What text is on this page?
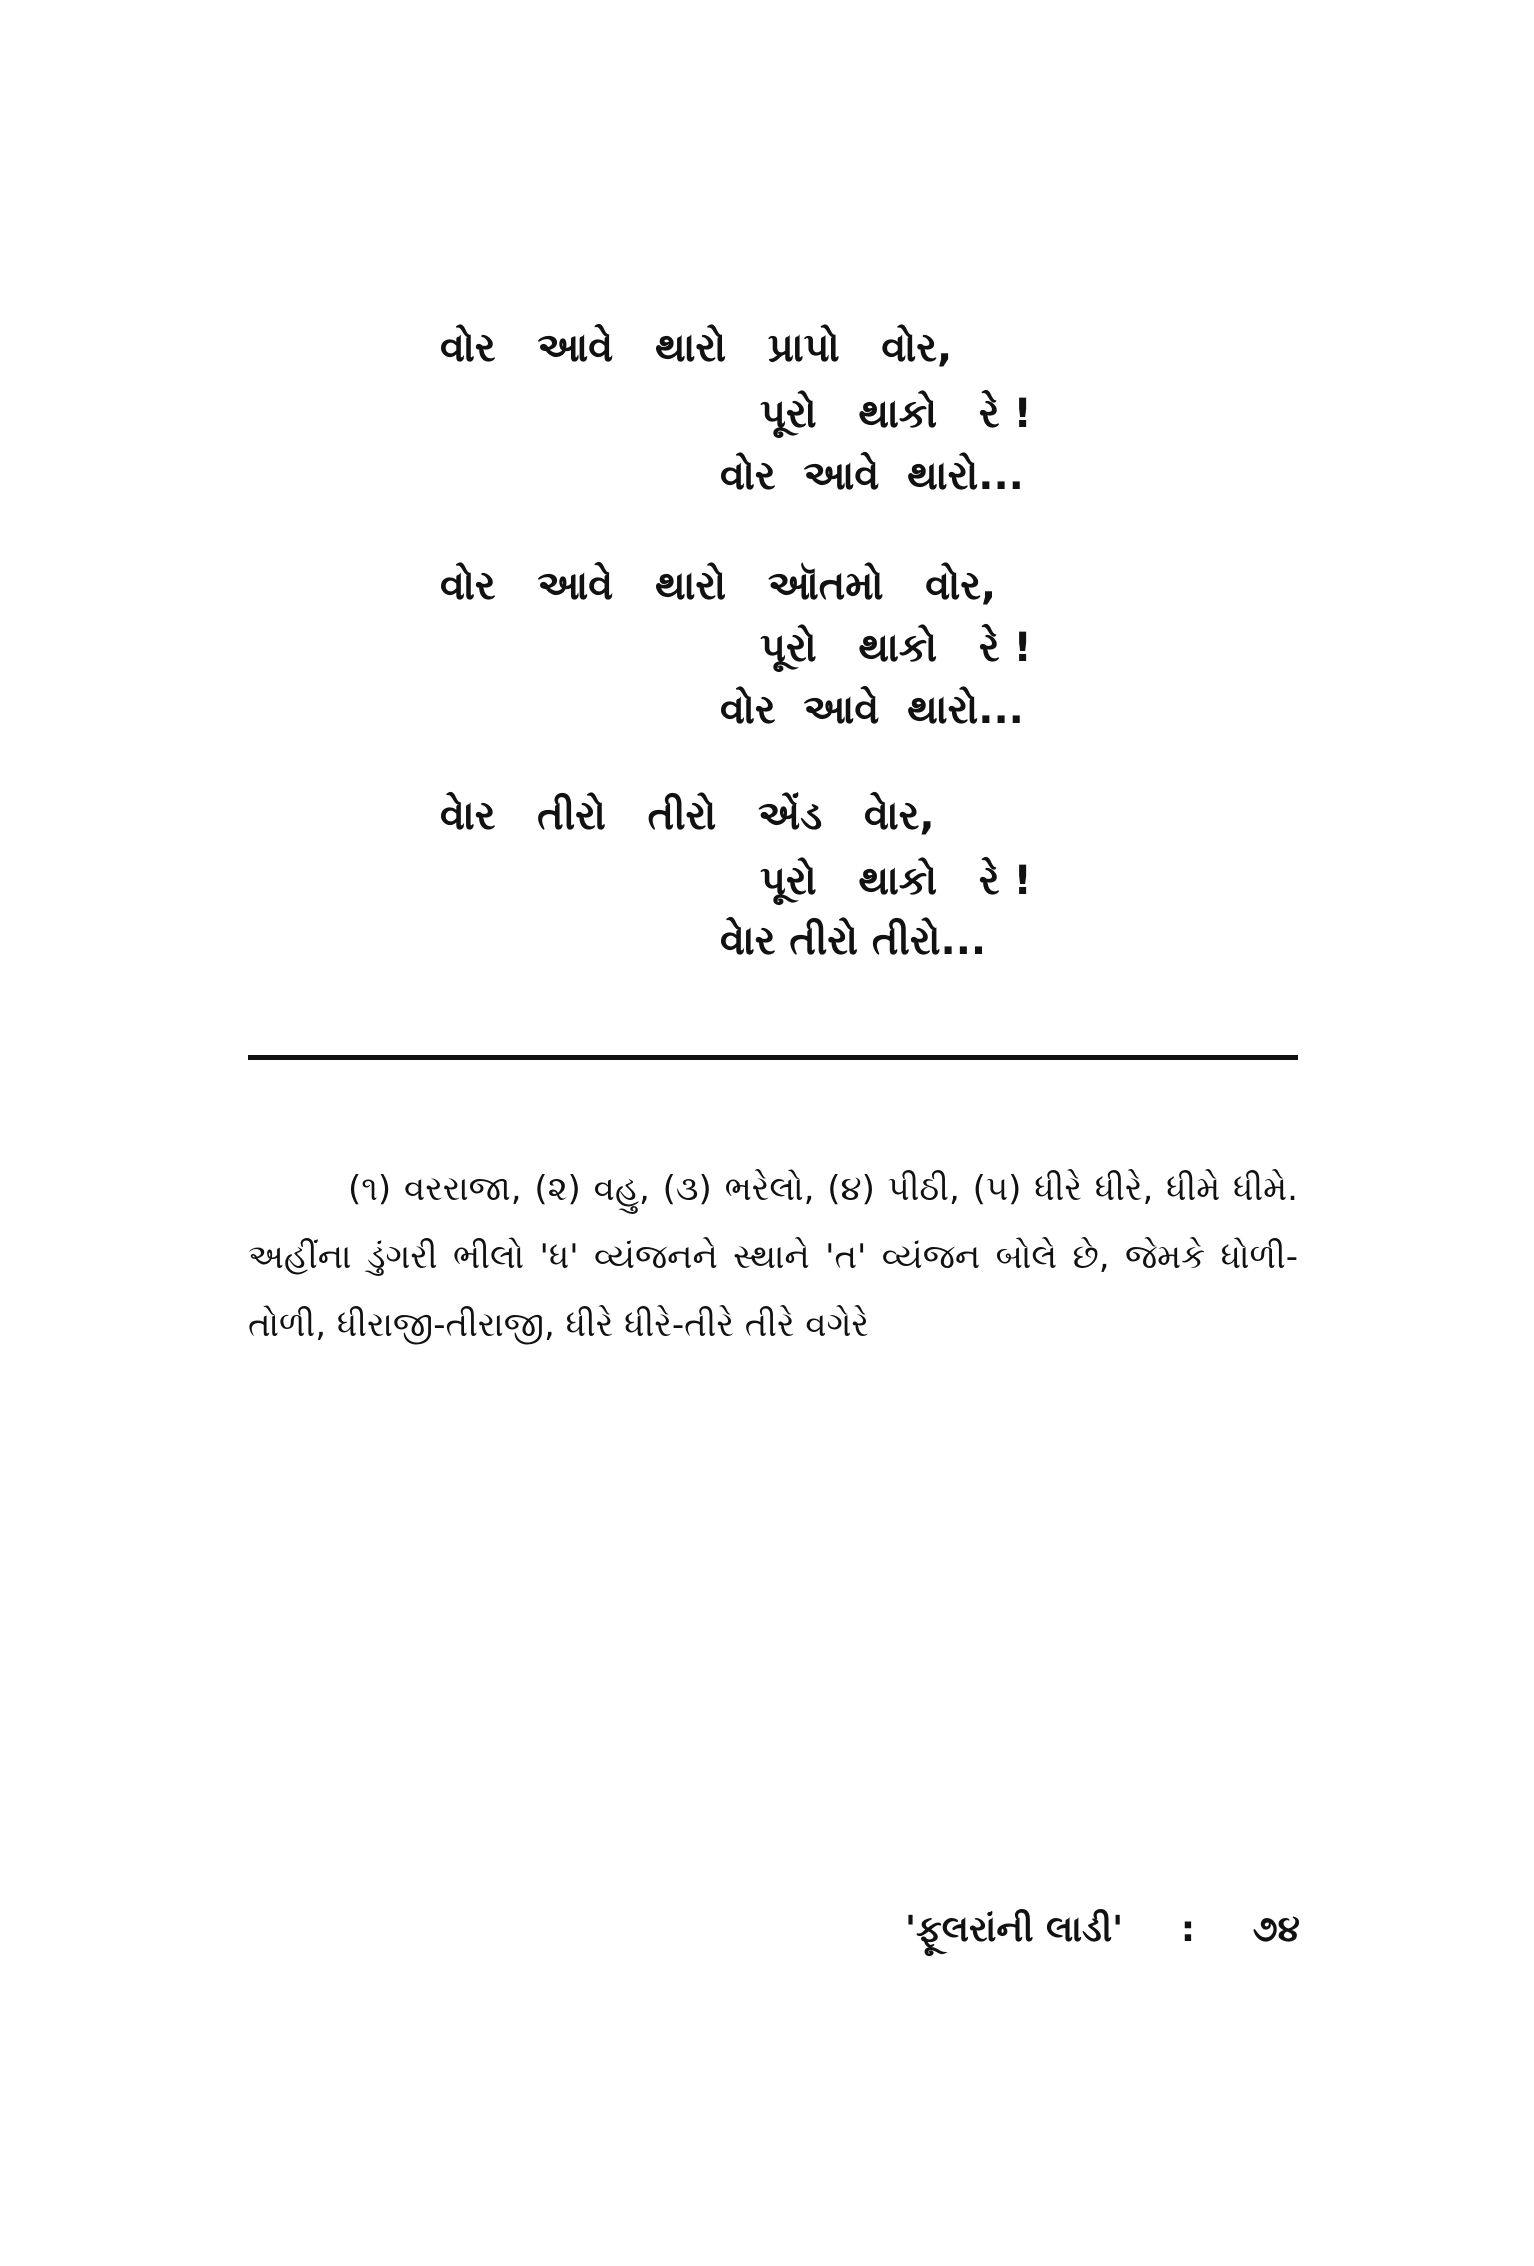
વોર   આવે   થારો   પ્રાપો   વોર,
પૂરો   થાકો   રે !
વોર  આવે  થારો...
વોર   આવે   થારો   ઑતમો   વોર,
પૂરો   થાકો   રે !
વોર  આવે  થારો...
વેાર   તીરો   તીરો   એંડ   વેાર,
પૂરો   થાકો   રે !
વેાર તીરો તીરો...
(૧) વરરાજા, (૨) વહુ, (૩) ભરેલો, (૪) પીઠી, (૫) ધીરે ધીરે, ધીમે ધીમે. અહીંના ડુંગરી ભીલો 'ધ' વ્યંજનને સ્થાને 'ત' વ્યંજન બોલે છે, જેમકે ધોળી-તોળી, ધીરાજી-તીરાજી, ધીરે ધીરે-તીરે તીરે વગેરે
'ફૂલરાંની લાડી' : ૭૪
